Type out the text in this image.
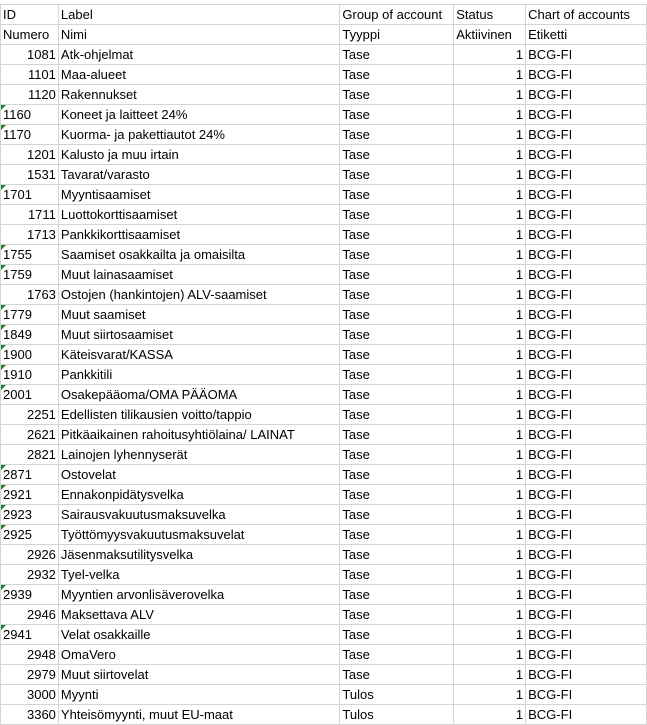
ID	Label	Group of account	Status	Chart of accounts
Numero	Nimi	Tyyppi	Aktiivinen	Etiketti
1081	Atk-ohjelmat	Tase	1	BCG-FI
1101	Maa-alueet	Tase	1	BCG-FI
1120	Rakennukset	Tase	1	BCG-FI
1160	Koneet ja laitteet 24%	Tase	1	BCG-FI
1170	Kuorma- ja pakettiautot 24%	Tase	1	BCG-FI
1201	Kalusto ja muu irtain	Tase	1	BCG-FI
1531	Tavarat/varasto	Tase	1	BCG-FI
1701	Myyntisaamiset	Tase	1	BCG-FI
1711	Luottokorttisaamiset	Tase	1	BCG-FI
1713	Pankkikorttisaamiset	Tase	1	BCG-FI
1755	Saamiset osakkailta ja omaisilta	Tase	1	BCG-FI
1759	Muut lainasaamiset	Tase	1	BCG-FI
1763	Ostojen (hankintojen) ALV-saamiset	Tase	1	BCG-FI
1779	Muut saamiset	Tase	1	BCG-FI
1849	Muut siirtosaamiset	Tase	1	BCG-FI
1900	Käteisvarat/KASSA	Tase	1	BCG-FI
1910	Pankkitili	Tase	1	BCG-FI
2001	Osakepääoma/OMA PÄÄOMA	Tase	1	BCG-FI
2251	Edellisten tilikausien voitto/tappio	Tase	1	BCG-FI
2621	Pitkäaikainen rahoitusyhtiölaina/ LAINAT	Tase	1	BCG-FI
2821	Lainojen lyhennyserät	Tase	1	BCG-FI
2871	Ostovelat	Tase	1	BCG-FI
2921	Ennakonpidätysvelka	Tase	1	BCG-FI
2923	Sairausvakuutusmaksuvelka	Tase	1	BCG-FI
2925	Työttömyysvakuutusmaksuvelat	Tase	1	BCG-FI
2926	Jäsenmaksutilitysvelka	Tase	1	BCG-FI
2932	Tyel-velka	Tase	1	BCG-FI
2939	Myyntien arvonlisäverovelka	Tase	1	BCG-FI
2946	Maksettava ALV	Tase	1	BCG-FI
2941	Velat osakkaille	Tase	1	BCG-FI
2948	OmaVero	Tase	1	BCG-FI
2979	Muut siirtovelat	Tase	1	BCG-FI
3000	Myynti	Tulos	1	BCG-FI
3360	Yhteisömyynti, muut EU-maat	Tulos	1	BCG-FI
